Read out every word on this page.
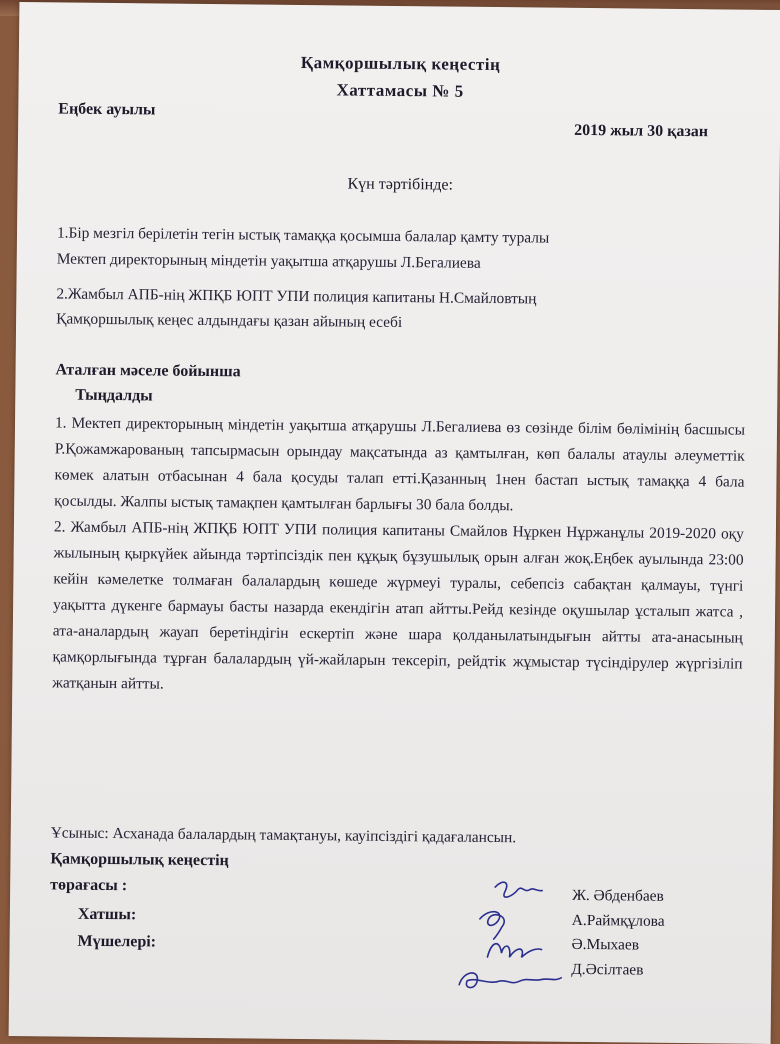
Қамқоршылық кеңестің
Хаттамасы № 5
Еңбек ауылы
2019 жыл 30 қазан
Күн тәртібінде:
1.Бір мезгіл берілетін тегін ыстық тамаққа қосымша балалар қамту туралы
Мектеп директорының міндетін уақытша атқарушы Л.Бегалиева
2.Жамбыл АПБ-нің ЖПҚБ ЮПТ УПИ полиция капитаны Н.Смайловтың
Қамқоршылық кеңес алдындағы қазан айының есебі
Аталған мәселе бойынша
Тыңдалды

1. Мектеп директорының міндетін уақытша атқарушы Л.Бегалиева өз сөзінде білім бөлімінің басшысы Р.Қожамжарованың тапсырмасын орындау мақсатында аз қамтылған, көп балалы атаулы әлеуметтік көмек алатын отбасынан 4 бала қосуды талап етті.Қазанның 1нен бастап ыстық тамаққа 4 бала қосылды. Жалпы ыстық тамақпен қамтылған барлығы 30 бала болды.

2. Жамбыл АПБ-нің ЖПҚБ ЮПТ УПИ полиция капитаны Смайлов Нұркен Нұржанұлы 2019-2020 оқу жылының қыркүйек айында тәртіпсіздік пен құқық бұзушылық орын алған жоқ.Еңбек ауылында 23:00 кейін кәмелетке толмаған балалардың көшеде жүрмеуі туралы, себепсіз сабақтан қалмауы, түнгі уақытта дүкенге бармауы басты назарда екендігін атап айтты.Рейд кезінде оқушылар ұсталып жатса , ата-аналардың жауап беретіндігін ескертіп және шара қолданылатындығын айтты ата-анасының қамқорлығында тұрған балалардың үй-жайларын тексеріп, рейдтік жұмыстар түсіндірулер жүргізіліп жатқанын айтты.

Ұсыныс: Асханада балалардың тамақтануы, кауіпсіздігі қадағалансын.
Қамқоршылық кеңестің
төрағасы :
Хатшы:
Мүшелері:
Ж. Әбденбаев
А.Раймқұлова
Ә.Мыхаев
Д.Әсілтаев
